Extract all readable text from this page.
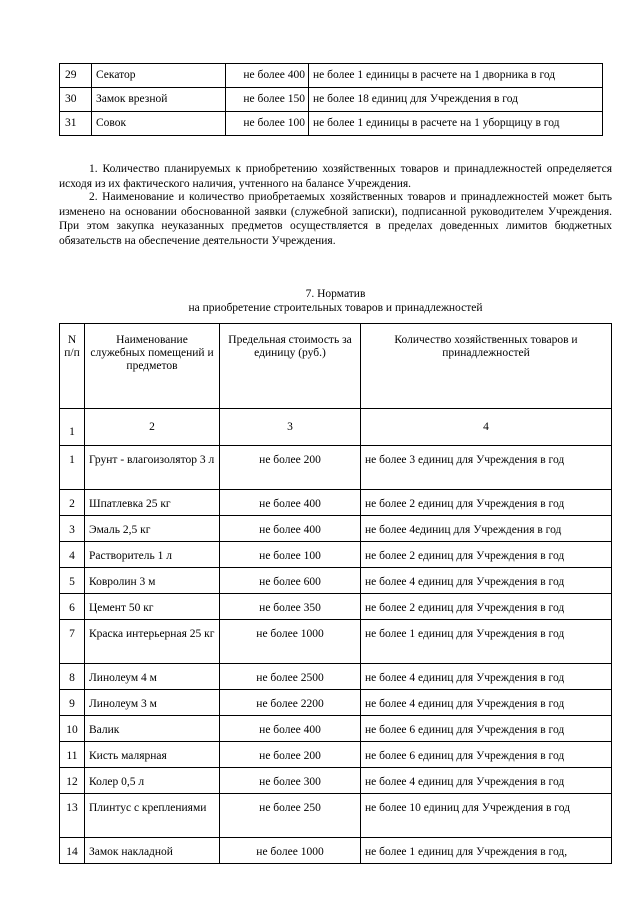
29	Секатор	не более 400	не более 1 единицы в расчете на 1 дворника в год
30	Замок врезной	не более 150	не более 18 единиц для Учреждения в год
31	Совок	не более 100	не более 1 единицы в расчете на 1 уборщицу в год

1. Количество планируемых к приобретению хозяйственных товаров и принадлежностей определяется исходя из их фактического наличия, учтенного на балансе Учреждения.

2. Наименование и количество приобретаемых хозяйственных товаров и принадлежностей может быть изменено на основании обоснованной заявки (служебной записки), подписанной руководителем Учреждения. При этом закупка неуказанных предметов осуществляется в пределах доведенных лимитов бюджетных обязательств на обеспечение деятельности Учреждения.

7. Норматив
на приобретение строительных товаров и принадлежностей
N п/п	Наименование служебных помещений и предметов	Предельная стоимость за единицу (руб.)	Количество хозяйственных товаров и принадлежностей
1	2	3	4
1	Грунт - влагоизолятор 3 л	не более 200	не более 3 единиц для Учреждения в год
2	Шпатлевка 25 кг	не более 400	не более 2 единиц для Учреждения в год
3	Эмаль 2,5 кг	не более 400	не более 4единиц для Учреждения в год
4	Растворитель 1 л	не более 100	не более 2 единиц для Учреждения в год
5	Ковролин 3 м	не более 600	не более 4 единиц для Учреждения в год
6	Цемент 50 кг	не более 350	не более 2 единиц для Учреждения в год
7	Краска интерьерная 25 кг	не более 1000	не более 1 единиц для Учреждения в год
8	Линолеум 4 м	не более 2500	не более 4 единиц для Учреждения в год
9	Линолеум 3 м	не более 2200	не более 4 единиц для Учреждения в год
10	Валик	не более 400	не более 6 единиц для Учреждения в год
11	Кисть малярная	не более 200	не более 6 единиц для Учреждения в год
12	Колер 0,5 л	не более 300	не более 4 единиц для Учреждения в год
13	Плинтус с креплениями	не более 250	не более 10 единиц для Учреждения в год
14	Замок накладной	не более 1000	не более 1 единиц для Учреждения в год,
